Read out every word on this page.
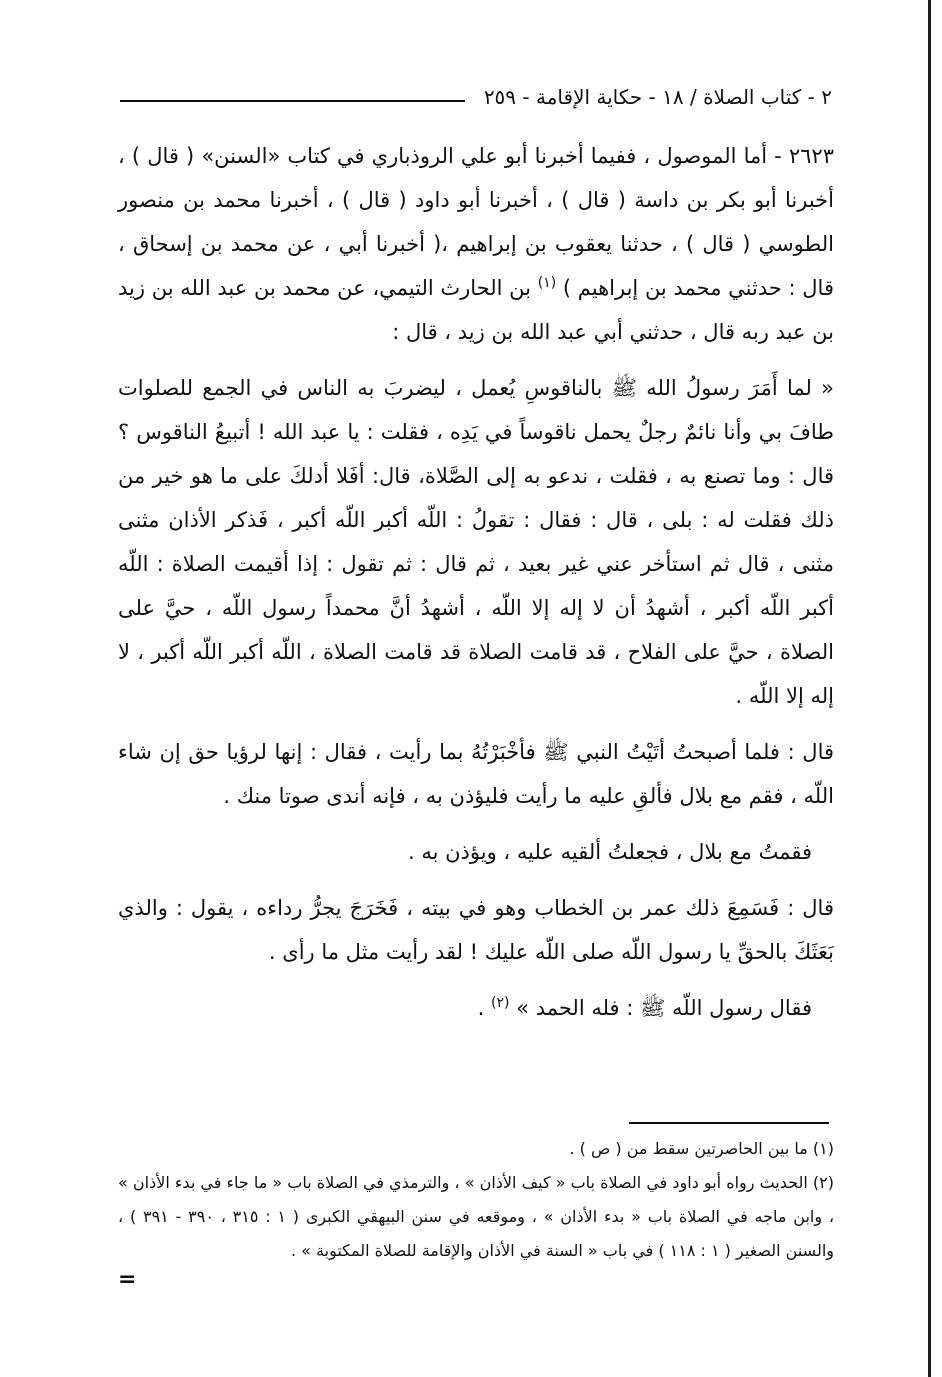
٢ - كتاب الصلاة / ١٨ - حكاية الإقامة - ٢٥٩

٢٦٢٣ - أما الموصول ، ففيما أخبرنا أبو علي الروذباري في كتاب «السنن» ( قال ) ، أخبرنا أبو بكر بن داسة ( قال ) ، أخبرنا أبو داود ( قال ) ، أخبرنا محمد بن منصور الطوسي ( قال ) ، حدثنا يعقوب بن إبراهيم ،( أخبرنا أبي ، عن محمد بن إسحاق ، قال : حدثني محمد بن إبراهيم ) $^{(١)}$ بن الحارث التيمي، عن محمد بن عبد الله بن زيد بن عبد ربه قال ، حدثني أبي عبد الله بن زيد ، قال :

« لما أَمَرَ رسولُ الله ﷺ بالناقوسِ يُعمل ، ليضربَ به الناس في الجمع للصلوات طافَ بي وأنا نائمٌ رجلٌ يحمل ناقوساً في يَدِه ، فقلت : يا عبد الله ! أتبيعُ الناقوس ؟ قال : وما تصنع به ، فقلت ، ندعو به إلى الصَّلاة، قال: أفَلا أدلكَ على ما هو خير من ذلك فقلت له : بلى ، قال : فقال : تقولُ : اللّه أكبر اللّه أكبر ، فَذكر الأذان مثنى مثنى ، قال ثم استأخر عني غير بعيد ، ثم قال : ثم تقول : إذا أقيمت الصلاة : اللّه أكبر اللّه أكبر ، أشهدُ أن لا إله إلا اللّه ، أشهدُ أنَّ محمداً رسول اللّه ، حيَّ على الصلاة ، حيَّ على الفلاح ، قد قامت الصلاة قد قامت الصلاة ، اللّه أكبر اللّه أكبر ، لا إله إلا اللّه .

قال : فلما أصبحتُ أتَيْتُ النبي ﷺ فأخْبَرْتُهُ بما رأيت ، فقال : إنها لرؤيا حق إن شاء اللّه ، فقم مع بلال فألقِ عليه ما رأيت فليؤذن به ، فإنه أندى صوتا منك .

فقمتُ مع بلال ، فجعلتُ ألقيه عليه ، ويؤذن به .

قال : فَسَمِعَ ذلك عمر بن الخطاب وهو في بيته ، فَخَرَجَ يجرُّ رداءه ، يقول : والذي بَعَثَكَ بالحقِّ يا رسول اللّه صلى اللّه عليك ! لقد رأيت مثل ما رأى .

فقال رسول اللّه ﷺ : فله الحمد » $^{(٢)}$ .

(١) ما بين الحاصرتين سقط من ( ص ) .

(٢) الحديث رواه أبو داود في الصلاة باب « كيف الأذان » ، والترمذي في الصلاة باب « ما جاء في بدء الأذان » ، وابن ماجه في الصلاة باب « بدء الأذان » ، وموقعه في سنن البيهقي الكبرى ( ١ : ٣١٥ ، ٣٩٠ - ٣٩١ ) ، والسنن الصغير ( ١ : ١١٨ ) في باب « السنة في الأذان والإقامة للصلاة المكتوبة » .

=
